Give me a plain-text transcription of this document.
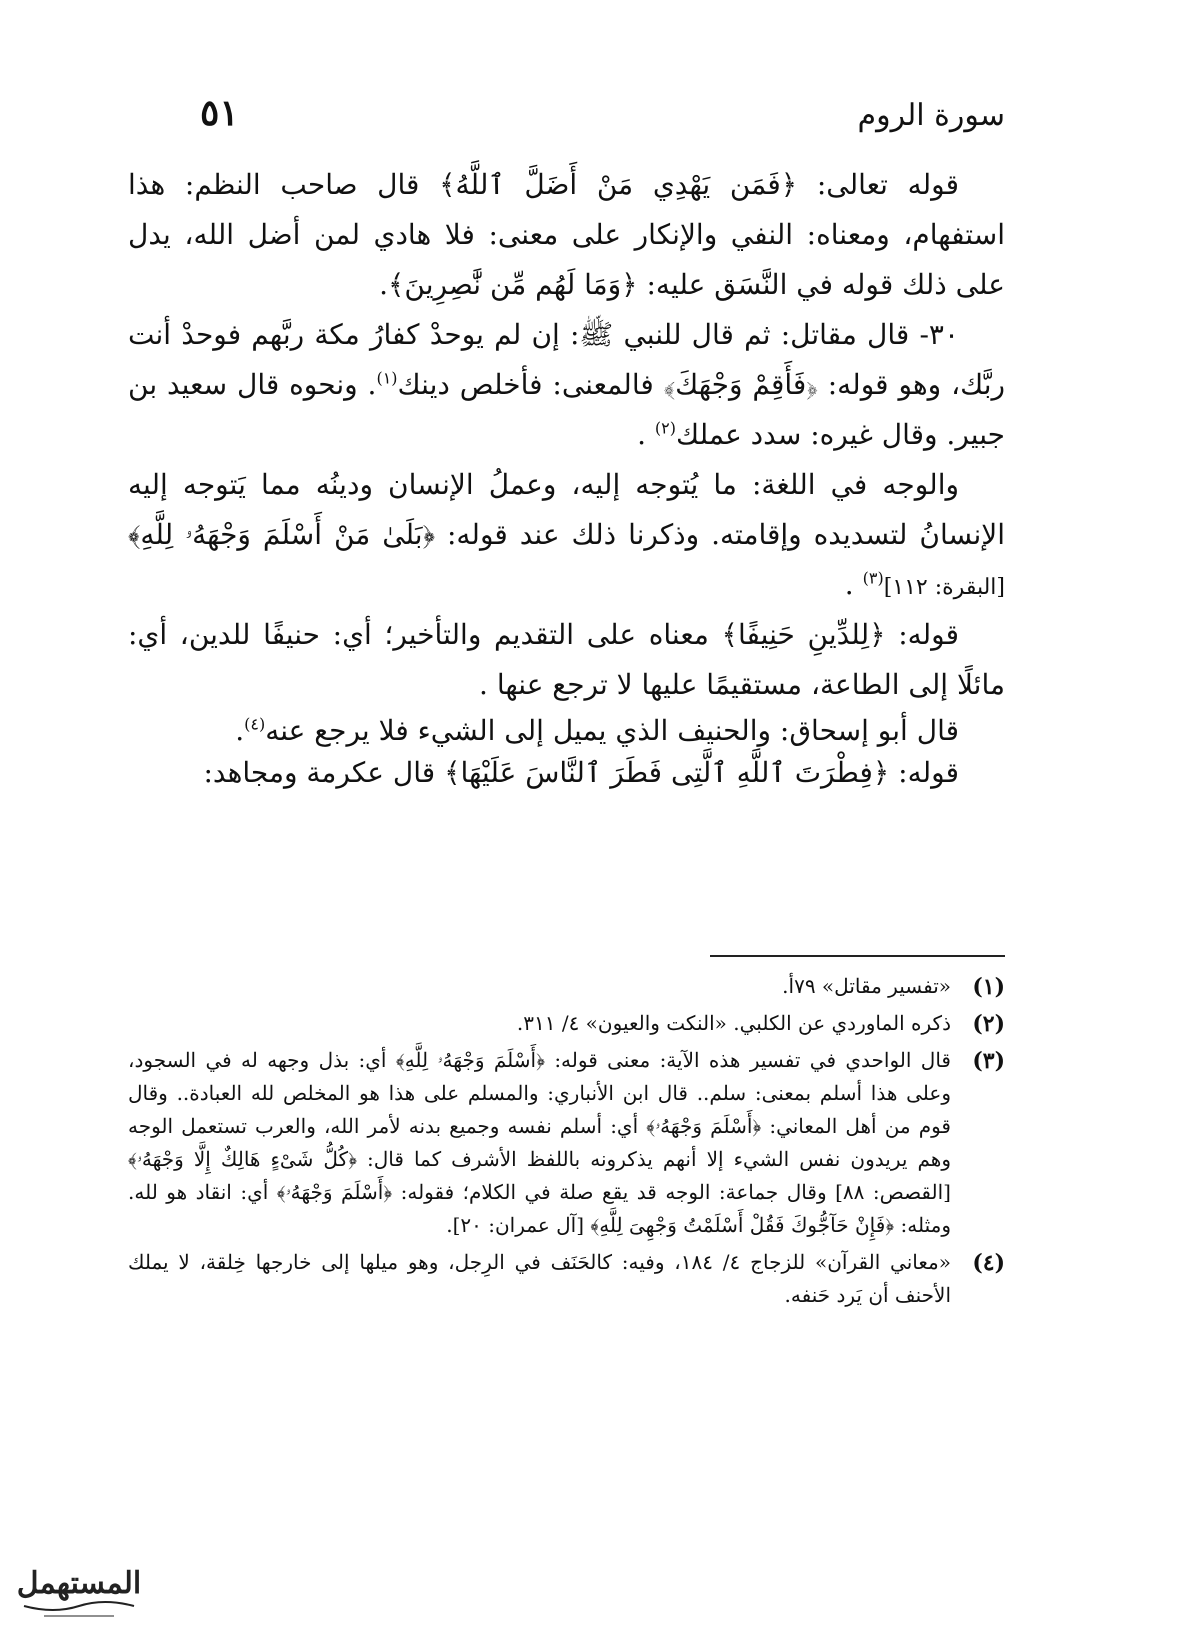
٥١	سورة الروم

قوله تعالى: ﴿فَمَن يَهْدِي مَنْ أَضَلَّ ٱللَّهُ﴾ قال صاحب النظم: هذا استفهام، ومعناه: النفي والإنكار على معنى: فلا هادي لمن أضل الله، يدل على ذلك قوله في النَّسَق عليه: ﴿وَمَا لَهُم مِّن نَّٰصِرِينَ﴾.

٣٠- قال مقاتل: ثم قال للنبي ﷺ: إن لم يوحدْ كفارُ مكة ربَّهم فوحدْ أنت ربَّك، وهو قوله: ﴿فَأَقِمْ وَجْهَكَ﴾ فالمعنى: فأخلص دينك$^{(١)}$. ونحوه قال سعيد بن جبير. وقال غيره: سدد عملك$^{(٢)}$ .

والوجه في اللغة: ما يُتوجه إليه، وعملُ الإنسان ودينُه مما يَتوجه إليه الإنسانُ لتسديده وإقامته. وذكرنا ذلك عند قوله: ﴿بَلَىٰ مَنْ أَسْلَمَ وَجْهَهُۥ لِلَّهِ﴾ [البقرة: ١١٢]$^{(٣)}$ .

قوله: ﴿لِلدِّينِ حَنِيفًا﴾ معناه على التقديم والتأخير؛ أي: حنيفًا للدين، أي: مائلًا إلى الطاعة، مستقيمًا عليها لا ترجع عنها .

قال أبو إسحاق: والحنيف الذي يميل إلى الشيء فلا يرجع عنه$^{(٤)}$.

قوله: ﴿فِطْرَتَ ٱللَّهِ ٱلَّتِى فَطَرَ ٱلنَّاسَ عَلَيْهَا﴾ قال عكرمة ومجاهد:

(١)
«تفسير مقاتل» ٧٩أ.
(٢)
ذكره الماوردي عن الكلبي. «النكت والعيون» ٤/ ٣١١.
(٣)
قال الواحدي في تفسير هذه الآية: معنى قوله: ﴿أَسْلَمَ وَجْهَهُۥ لِلَّهِ﴾ أي: بذل وجهه له في السجود، وعلى هذا أسلم بمعنى: سلم.. قال ابن الأنباري: والمسلم على هذا هو المخلص لله العبادة.. وقال قوم من أهل المعاني: ﴿أَسْلَمَ وَجْهَهُۥ﴾ أي: أسلم نفسه وجميع بدنه لأمر الله، والعرب تستعمل الوجه وهم يريدون نفس الشيء إلا أنهم يذكرونه باللفظ الأشرف كما قال: ﴿كُلُّ شَىْءٍ هَالِكٌ إِلَّا وَجْهَهُۥ﴾ [القصص: ٨٨] وقال جماعة: الوجه قد يقع صلة في الكلام؛ فقوله: ﴿أَسْلَمَ وَجْهَهُۥ﴾ أي: انقاد هو لله. ومثله: ﴿فَإِنْ حَآجُّوكَ فَقُلْ أَسْلَمْتُ وَجْهِىَ لِلَّهِ﴾ [آل عمران: ٢٠].
(٤)
«معاني القرآن» للزجاج ٤/ ١٨٤، وفيه: كالحَنَف في الرِجل، وهو ميلها إلى خارجها خِلقة، لا يملك الأحنف أن يَرد حَنفه.
المستهمل
